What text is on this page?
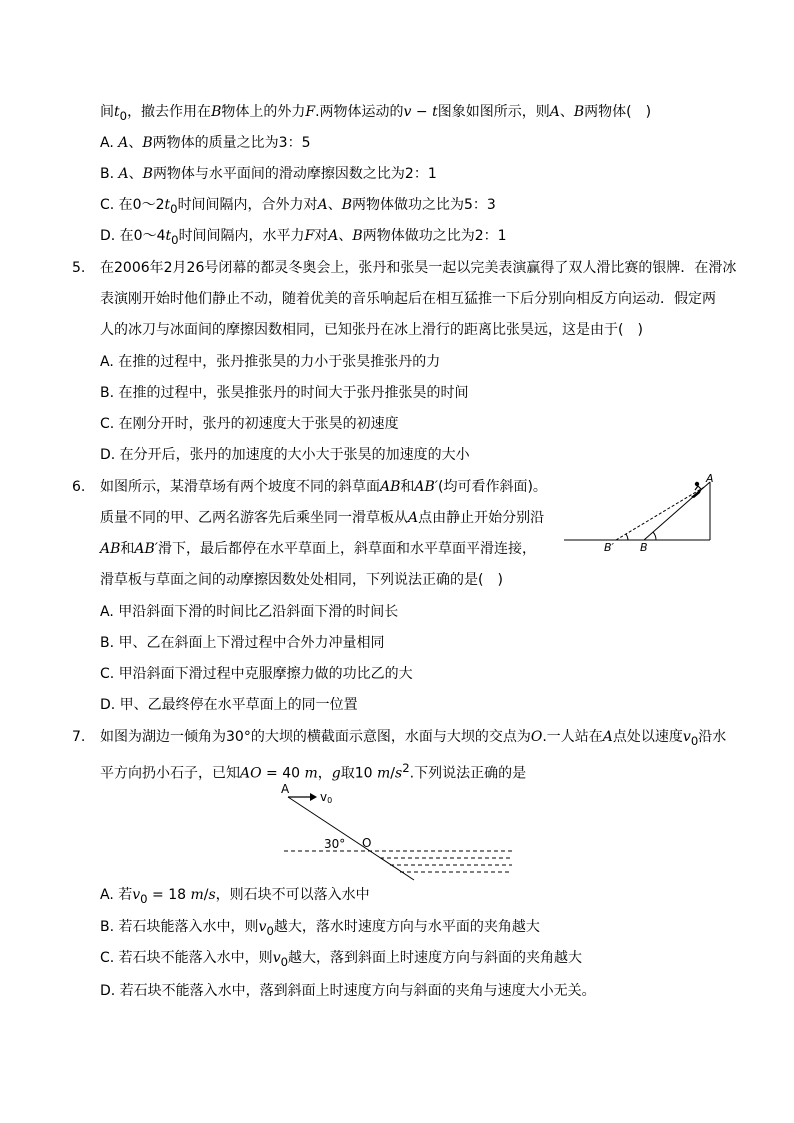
间$t_0$，撤去作用在B物体上的外力F.两物体运动的v − t图象如图所示，则A、B两物体(　)
A. A、B两物体的质量之比为3：5
B. A、B两物体与水平面间的滑动摩擦因数之比为2：1
C. 在$0\sim 2t_0$时间间隔内，合外力对A、B两物体做功之比为5：3
D. 在$0\sim 4t_0$时间间隔内，水平力F对A、B两物体做功之比为2：1
5. 在2006年2月26号闭幕的都灵冬奥会上，张丹和张昊一起以完美表演赢得了双人滑比赛的银牌．在滑冰
表演刚开始时他们静止不动，随着优美的音乐响起后在相互猛推一下后分别向相反方向运动．假定两
人的冰刀与冰面间的摩擦因数相同，已知张丹在冰上滑行的距离比张昊远，这是由于(　)
A. 在推的过程中，张丹推张昊的力小于张昊推张丹的力
B. 在推的过程中，张昊推张丹的时间大于张丹推张昊的时间
C. 在刚分开时，张丹的初速度大于张昊的初速度
D. 在分开后，张丹的加速度的大小大于张昊的加速度的大小
6. 如图所示，某滑草场有两个坡度不同的斜草面AB和AB′(均可看作斜面)。
质量不同的甲、乙两名游客先后乘坐同一滑草板从A点由静止开始分别沿
AB和AB′滑下，最后都停在水平草面上，斜草面和水平草面平滑连接，
滑草板与草面之间的动摩擦因数处处相同，下列说法正确的是(　)
A. 甲沿斜面下滑的时间比乙沿斜面下滑的时间长
B. 甲、乙在斜面上下滑过程中合外力冲量相同
C. 甲沿斜面下滑过程中克服摩擦力做的功比乙的大
D. 甲、乙最终停在水平草面上的同一位置
A
B
B′
7. 如图为湖边一倾角为30°的大坝的横截面示意图，水面与大坝的交点为O.一人站在A点处以速度$v_0$沿水
平方向扔小石子，已知AO = 40 m，g取10 $m/s^2$.下列说法正确的是
A
v0
30° O
A. 若$v_0 = 18$ m/s，则石块不可以落入水中
B. 若石块能落入水中，则$v_0$越大，落水时速度方向与水平面的夹角越大
C. 若石块不能落入水中，则$v_0$越大，落到斜面上时速度方向与斜面的夹角越大
D. 若石块不能落入水中，落到斜面上时速度方向与斜面的夹角与速度大小无关。
